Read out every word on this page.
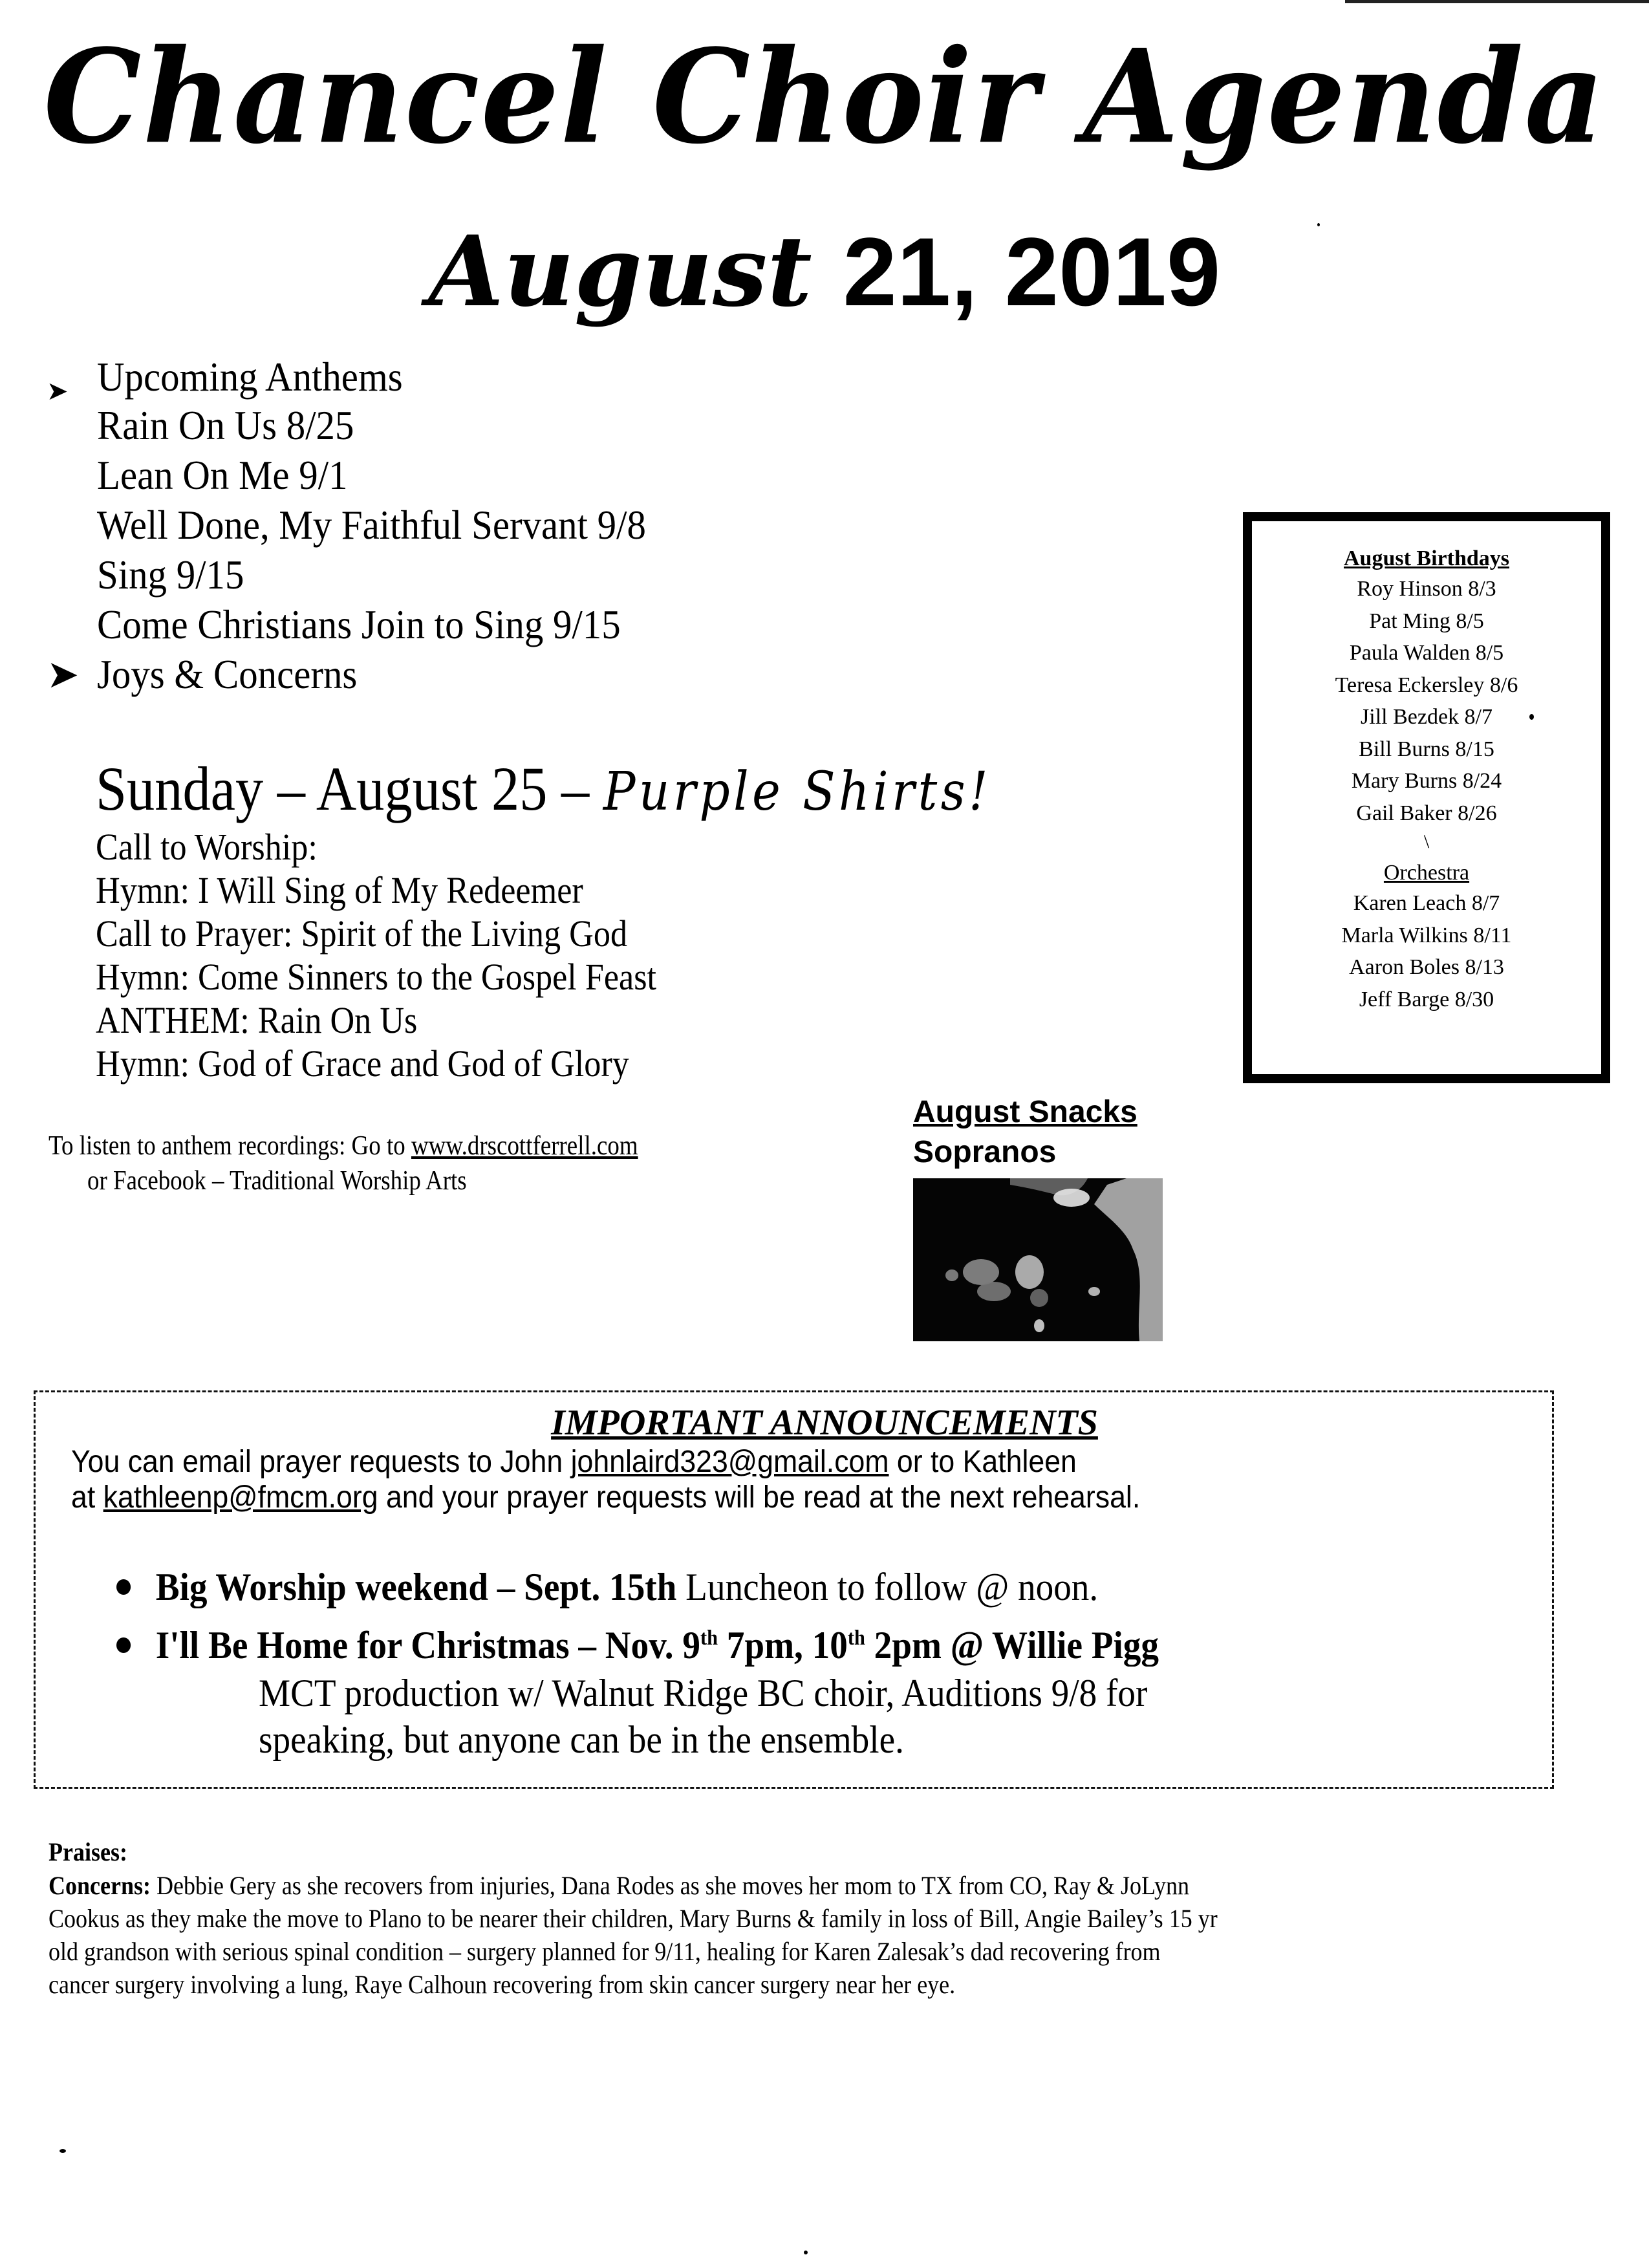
Chancel Choir Agenda
August 21, 2019
➤ Upcoming Anthems
Rain On Us 8/25
Lean On Me 9/1
Well Done, My Faithful Servant 9/8
Sing 9/15
Come Christians Join to Sing 9/15
➤ Joys & Concerns
Sunday – August 25 – Purple Shirts!
Call to Worship:
Hymn: I Will Sing of My Redeemer
Call to Prayer: Spirit of the Living God
Hymn: Come Sinners to the Gospel Feast
ANTHEM: Rain On Us
Hymn: God of Grace and God of Glory
To listen to anthem recordings: Go to www.drscottferrell.com
or Facebook – Traditional Worship Arts
August Birthdays
Roy Hinson 8/3
Pat Ming 8/5
Paula Walden 8/5
Teresa Eckersley 8/6
Jill Bezdek 8/7
Bill Burns 8/15
Mary Burns 8/24
Gail Baker 8/26
\
Orchestra
Karen Leach 8/7
Marla Wilkins 8/11
Aaron Boles 8/13
Jeff Barge 8/30
August Snacks
Sopranos
IMPORTANT ANNOUNCEMENTS
You can email prayer requests to John johnlaird323@gmail.com or to Kathleen
at kathleenp@fmcm.org and your prayer requests will be read at the next rehearsal.
Big Worship weekend – Sept. 15th Luncheon to follow @ noon.
I'll Be Home for Christmas – Nov. 9th 7pm, 10th 2pm @ Willie Pigg
MCT production w/ Walnut Ridge BC choir, Auditions 9/8 for
speaking, but anyone can be in the ensemble.
Praises:
Concerns: Debbie Gery as she recovers from injuries, Dana Rodes as she moves her mom to TX from CO, Ray & JoLynn
Cookus as they make the move to Plano to be nearer their children, Mary Burns & family in loss of Bill, Angie Bailey’s 15 yr
old grandson with serious spinal condition – surgery planned for 9/11, healing for Karen Zalesak’s dad recovering from
cancer surgery involving a lung, Raye Calhoun recovering from skin cancer surgery near her eye.
